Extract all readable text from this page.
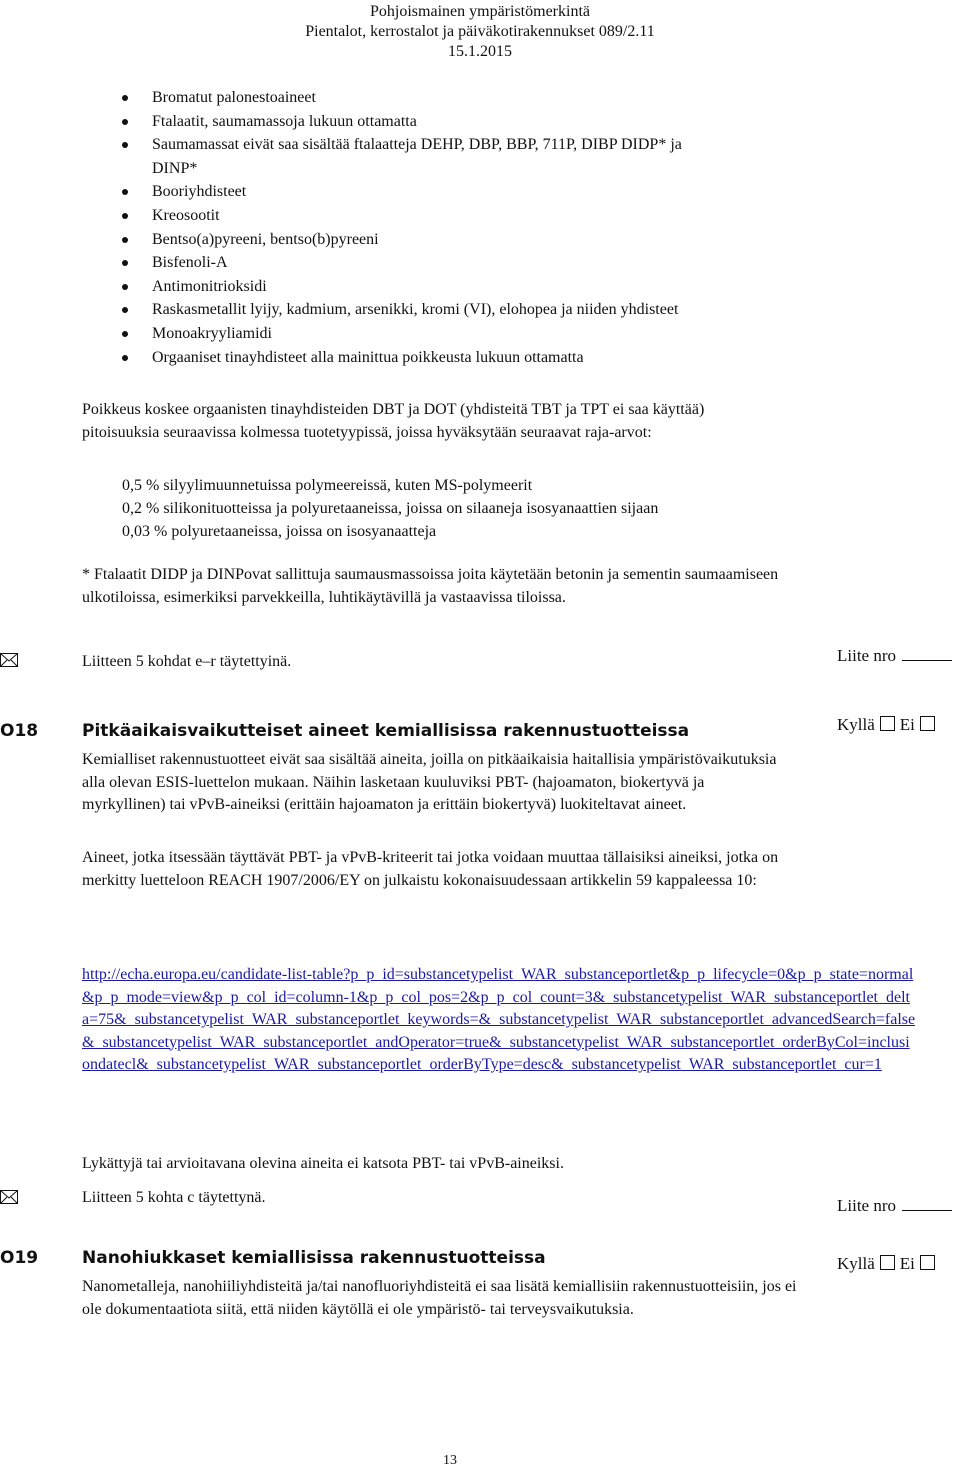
Pohjoismainen ympäristömerkintä
Pientalot, kerrostalot ja päiväkotirakennukset 089/2.11
15.1.2015
Bromatut palonestoaineet
Ftalaatit, saumamassoja lukuun ottamatta
Saumamassat eivät saa sisältää ftalaatteja DEHP, DBP, BBP, 711P, DIBP DIDP* ja
DINP*
Booriyhdisteet
Kreosootit
Bentso(a)pyreeni, bentso(b)pyreeni
Bisfenoli-A
Antimonitrioksidi
Raskasmetallit lyijy, kadmium, arsenikki, kromi (VI), elohopea ja niiden yhdisteet
Monoakryyliamidi
Orgaaniset tinayhdisteet alla mainittua poikkeusta lukuun ottamatta
Poikkeus koskee orgaanisten tinayhdisteiden DBT ja DOT (yhdisteitä TBT ja TPT ei saa käyttää) pitoisuuksia seuraavissa kolmessa tuotetyypissä, joissa hyväksytään seuraavat raja-arvot:
0,5 % silyylimuunnetuissa polymeereissä, kuten MS-polymeerit
0,2 % silikonituotteissa ja polyuretaaneissa, joissa on silaaneja isosyanaattien sijaan
0,03 % polyuretaaneissa, joissa on isosyanaatteja
* Ftalaatit DIDP ja DINPovat sallittuja saumausmassoissa joita käytetään betonin ja sementin saumaamiseen ulkotiloissa, esimerkiksi parvekkeilla, luhtikäytävillä ja vastaavissa tiloissa.
Liitteen 5 kohdat e–r täytettyinä.	Liite nro
O18	Pitkäaikaisvaikutteiset aineet kemiallisissa rakennustuotteissa	Kyllä Ei
Kemialliset rakennustuotteet eivät saa sisältää aineita, joilla on pitkäaikaisia haitallisia ympäristövaikutuksia alla olevan ESIS-luettelon mukaan. Näihin lasketaan kuuluviksi PBT- (hajoamaton, biokertyvä ja myrkyllinen) tai vPvB-aineiksi (erittäin hajoamaton ja erittäin biokertyvä) luokiteltavat aineet.
Aineet, jotka itsessään täyttävät PBT- ja vPvB-kriteerit tai jotka voidaan muuttaa tällaisiksi aineiksi, jotka on merkitty luetteloon REACH 1907/2006/EY on julkaistu kokonaisuudessaan artikkelin 59 kappaleessa 10:
http://echa.europa.eu/candidate-list-table?p_p_id=substancetypelist_WAR_substanceportlet&p_p_lifecycle=0&p_p_state=normal&p_p_mode=view&p_p_col_id=column-1&p_p_col_pos=2&p_p_col_count=3&_substancetypelist_WAR_substanceportlet_delta=75&_substancetypelist_WAR_substanceportlet_keywords=&_substancetypelist_WAR_substanceportlet_advancedSearch=false&_substancetypelist_WAR_substanceportlet_andOperator=true&_substancetypelist_WAR_substanceportlet_orderByCol=inclusiondatecl&_substancetypelist_WAR_substanceportlet_orderByType=desc&_substancetypelist_WAR_substanceportlet_cur=1
Lykättyjä tai arvioitavana olevina aineita ei katsota PBT- tai vPvB-aineiksi.
Liitteen 5 kohta c täytettynä.	Liite nro
O19	Nanohiukkaset kemiallisissa rakennustuotteissa	Kyllä Ei
Nanometalleja, nanohiiliyhdisteitä ja/tai nanofluoriyhdisteitä ei saa lisätä kemiallisiin rakennustuotteisiin, jos ei ole dokumentaatiota siitä, että niiden käytöllä ei ole ympäristö- tai terveysvaikutuksia.
13
